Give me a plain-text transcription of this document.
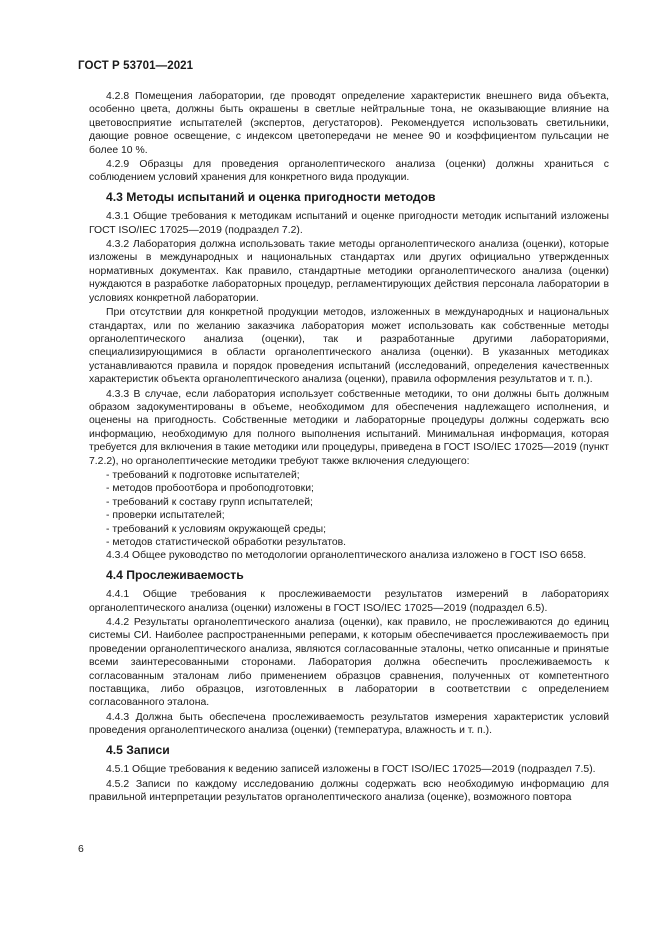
ГОСТ Р 53701—2021

4.2.8 Помещения лаборатории, где проводят определение характеристик внешнего вида объекта, особенно цвета, должны быть окрашены в светлые нейтральные тона, не оказывающие влияние на цветовосприятие испытателей (экспертов, дегустаторов). Рекомендуется использовать светильники, дающие ровное освещение, с индексом цветопередачи не менее 90 и коэффициентом пульсации не более 10 %.

4.2.9 Образцы для проведения органолептического анализа (оценки) должны храниться с соблюдением условий хранения для конкретного вида продукции.

4.3 Методы испытаний и оценка пригодности методов

4.3.1 Общие требования к методикам испытаний и оценке пригодности методик испытаний изложены ГОСТ ISO/IEC 17025—2019 (подраздел 7.2).

4.3.2 Лаборатория должна использовать такие методы органолептического анализа (оценки), которые изложены в международных и национальных стандартах или других официально утвержденных нормативных документах. Как правило, стандартные методики органолептического анализа (оценки) нуждаются в разработке лабораторных процедур, регламентирующих действия персонала лаборатории в условиях конкретной лаборатории.

При отсутствии для конкретной продукции методов, изложенных в международных и национальных стандартах, или по желанию заказчика лаборатория может использовать как собственные методы органолептического анализа (оценки), так и разработанные другими лабораториями, специализирующимися в области органолептического анализа (оценки). В указанных методиках устанавливаются правила и порядок проведения испытаний (исследований, определения качественных характеристик объекта органолептического анализа (оценки), правила оформления результатов и т. п.).

4.3.3 В случае, если лаборатория использует собственные методики, то они должны быть должным образом задокументированы в объеме, необходимом для обеспечения надлежащего исполнения, и оценены на пригодность. Собственные методики и лабораторные процедуры должны содержать всю информацию, необходимую для полного выполнения испытаний. Минимальная информация, которая требуется для включения в такие методики или процедуры, приведена в ГОСТ ISO/IEC 17025—2019 (пункт 7.2.2), но органолептические методики требуют также включения следующего:

- требований к подготовке испытателей;
- методов пробоотбора и пробоподготовки;
- требований к составу групп испытателей;
- проверки испытателей;
- требований к условиям окружающей среды;
- методов статистической обработки результатов.

4.3.4 Общее руководство по методологии органолептического анализа изложено в ГОСТ ISO 6658.

4.4 Прослеживаемость

4.4.1 Общие требования к прослеживаемости результатов измерений в лабораториях органолептического анализа (оценки) изложены в ГОСТ ISO/IEC 17025—2019 (подраздел 6.5).

4.4.2 Результаты органолептического анализа (оценки), как правило, не прослеживаются до единиц системы СИ. Наиболее распространенными реперами, к которым обеспечивается прослеживаемость при проведении органолептического анализа, являются согласованные эталоны, четко описанные и принятые всеми заинтересованными сторонами. Лаборатория должна обеспечить прослеживаемость к согласованным эталонам либо применением образцов сравнения, полученных от компетентного поставщика, либо образцов, изготовленных в лаборатории в соответствии с определением согласованного эталона.

4.4.3 Должна быть обеспечена прослеживаемость результатов измерения характеристик условий проведения органолептического анализа (оценки) (температура, влажность и т. п.).

4.5 Записи

4.5.1 Общие требования к ведению записей изложены в ГОСТ ISO/IEC 17025—2019 (подраздел 7.5).

4.5.2 Записи по каждому исследованию должны содержать всю необходимую информацию для правильной интерпретации результатов органолептического анализа (оценке), возможного повтора

6
